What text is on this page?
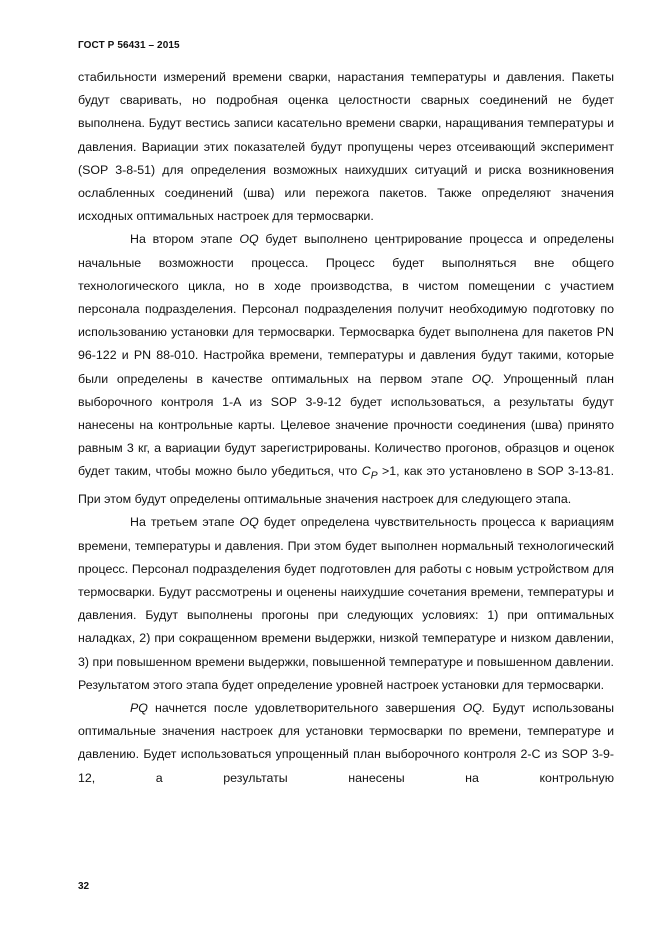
ГОСТ Р 56431 – 2015

стабильности измерений времени сварки, нарастания температуры и давления. Пакеты будут сваривать, но подробная оценка целостности сварных соединений не будет выполнена. Будут вестись записи касательно времени сварки, наращивания температуры и давления. Вариации этих показателей будут пропущены через отсеивающий эксперимент (SOP 3-8-51) для определения возможных наихудших ситуаций и риска возникновения ослабленных соединений (шва) или пережога пакетов. Также определяют значения исходных оптимальных настроек для термосварки.

На втором этапе OQ будет выполнено центрирование процесса и определены начальные возможности процесса. Процесс будет выполняться вне общего технологического цикла, но в ходе производства, в чистом помещении с участием персонала подразделения. Персонал подразделения получит необходимую подготовку по использованию установки для термосварки. Термосварка будет выполнена для пакетов PN 96-122 и PN 88-010. Настройка времени, температуры и давления будут такими, которые были определены в качестве оптимальных на первом этапе OQ. Упрощенный план выборочного контроля 1-A из SOP 3-9-12 будет использоваться, а результаты будут нанесены на контрольные карты. Целевое значение прочности соединения (шва) принято равным 3 кг, а вариации будут зарегистрированы. Количество прогонов, образцов и оценок будет таким, чтобы можно было убедиться, что $C_P >1$, как это установлено в SOP 3-13-81. При этом будут определены оптимальные значения настроек для следующего этапа.

На третьем этапе OQ будет определена чувствительность процесса к вариациям времени, температуры и давления. При этом будет выполнен нормальный технологический процесс. Персонал подразделения будет подготовлен для работы с новым устройством для термосварки. Будут рассмотрены и оценены наихудшие сочетания времени, температуры и давления. Будут выполнены прогоны при следующих условиях: 1) при оптимальных наладках, 2) при сокращенном времени выдержки, низкой температуре и низком давлении, 3) при повышенном времени выдержки, повышенной температуре и повышенном давлении. Результатом этого этапа будет определение уровней настроек установки для термосварки.

PQ начнется после удовлетворительного завершения OQ. Будут использованы оптимальные значения настроек для установки термосварки по времени, температуре и давлению. Будет использоваться упрощенный план выборочного контроля 2-C из SOP 3-9-12, а результаты нанесены на контрольную

32
